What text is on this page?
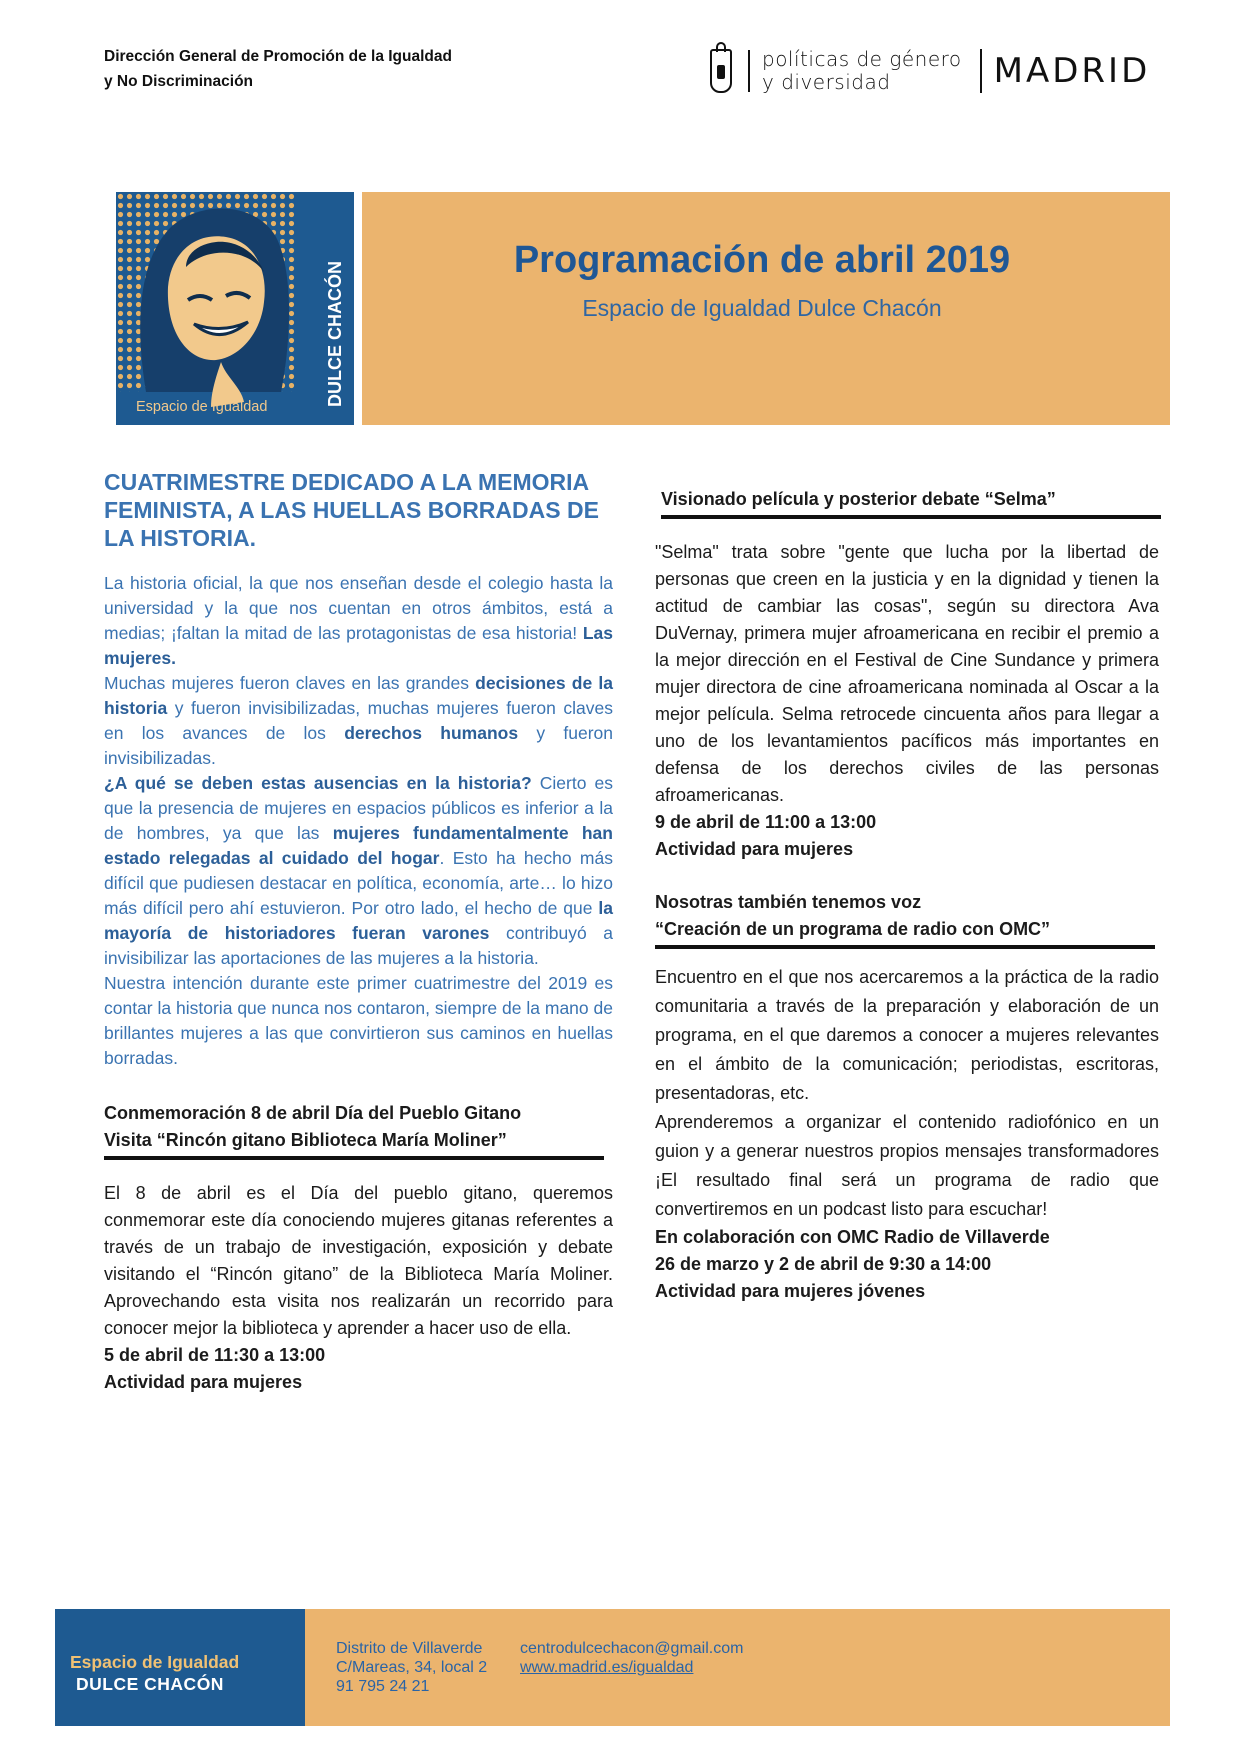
Dirección General de Promoción de la Igualdad
y No Discriminación
políticas de género
y diversidad	MADRID
DULCE CHACÓN
Espacio de Igualdad
Programación de abril 2019
Espacio de Igualdad Dulce Chacón
CUATRIMESTRE DEDICADO A LA MEMORIA FEMINISTA, A LAS HUELLAS BORRADAS DE LA HISTORIA.

La historia oficial, la que nos enseñan desde el colegio hasta la universidad y la que nos cuentan en otros ámbitos, está a medias; ¡faltan la mitad de las protagonistas de esa historia! Las mujeres.

Muchas mujeres fueron claves en las grandes decisiones de la historia y fueron invisibilizadas, muchas mujeres fueron claves en los avances de los derechos humanos y fueron invisibilizadas.

¿A qué se deben estas ausencias en la historia? Cierto es que la presencia de mujeres en espacios públicos es inferior a la de hombres, ya que las mujeres fundamentalmente han estado relegadas al cuidado del hogar. Esto ha hecho más difícil que pudiesen destacar en política, economía, arte… lo hizo más difícil pero ahí estuvieron. Por otro lado, el hecho de que la mayoría de historiadores fueran varones contribuyó a invisibilizar las aportaciones de las mujeres a la historia.

Nuestra intención durante este primer cuatrimestre del 2019 es contar la historia que nunca nos contaron, siempre de la mano de brillantes mujeres a las que convirtieron sus caminos en huellas borradas.

Conmemoración 8 de abril Día del Pueblo Gitano
Visita “Rincón gitano Biblioteca María Moliner”

El 8 de abril es el Día del pueblo gitano, queremos conmemorar este día conociendo mujeres gitanas referentes a través de un trabajo de investigación, exposición y debate visitando el “Rincón gitano” de la Biblioteca María Moliner. Aprovechando esta visita nos realizarán un recorrido para conocer mejor la biblioteca y aprender a hacer uso de ella.

5 de abril de 11:30 a 13:00
Actividad para mujeres
Visionado película y posterior debate “Selma”

"Selma" trata sobre "gente que lucha por la libertad de personas que creen en la justicia y en la dignidad y tienen la actitud de cambiar las cosas", según su directora Ava DuVernay, primera mujer afroamericana en recibir el premio a la mejor dirección en el Festival de Cine Sundance y primera mujer directora de cine afroamericana nominada al Oscar a la mejor película. Selma retrocede cincuenta años para llegar a uno de los levantamientos pacíficos más importantes en defensa de los derechos civiles de las personas afroamericanas.

9 de abril de 11:00 a 13:00
Actividad para mujeres
Nosotras también tenemos voz
“Creación de un programa de radio con OMC”

Encuentro en el que nos acercaremos a la práctica de la radio comunitaria a través de la preparación y elaboración de un programa, en el que daremos a conocer a mujeres relevantes en el ámbito de la comunicación; periodistas, escritoras, presentadoras, etc.

Aprenderemos a organizar el contenido radiofónico en un guion y a generar nuestros propios mensajes transformadores ¡El resultado final será un programa de radio que convertiremos en un podcast listo para escuchar!

En colaboración con OMC Radio de Villaverde
26 de marzo y 2 de abril de 9:30 a 14:00
Actividad para mujeres jóvenes
Espacio de Igualdad
DULCE CHACÓN
Distrito de Villaverde
C/Mareas, 34, local 2
91 795 24 21
centrodulcechacon@gmail.com
www.madrid.es/igualdad
